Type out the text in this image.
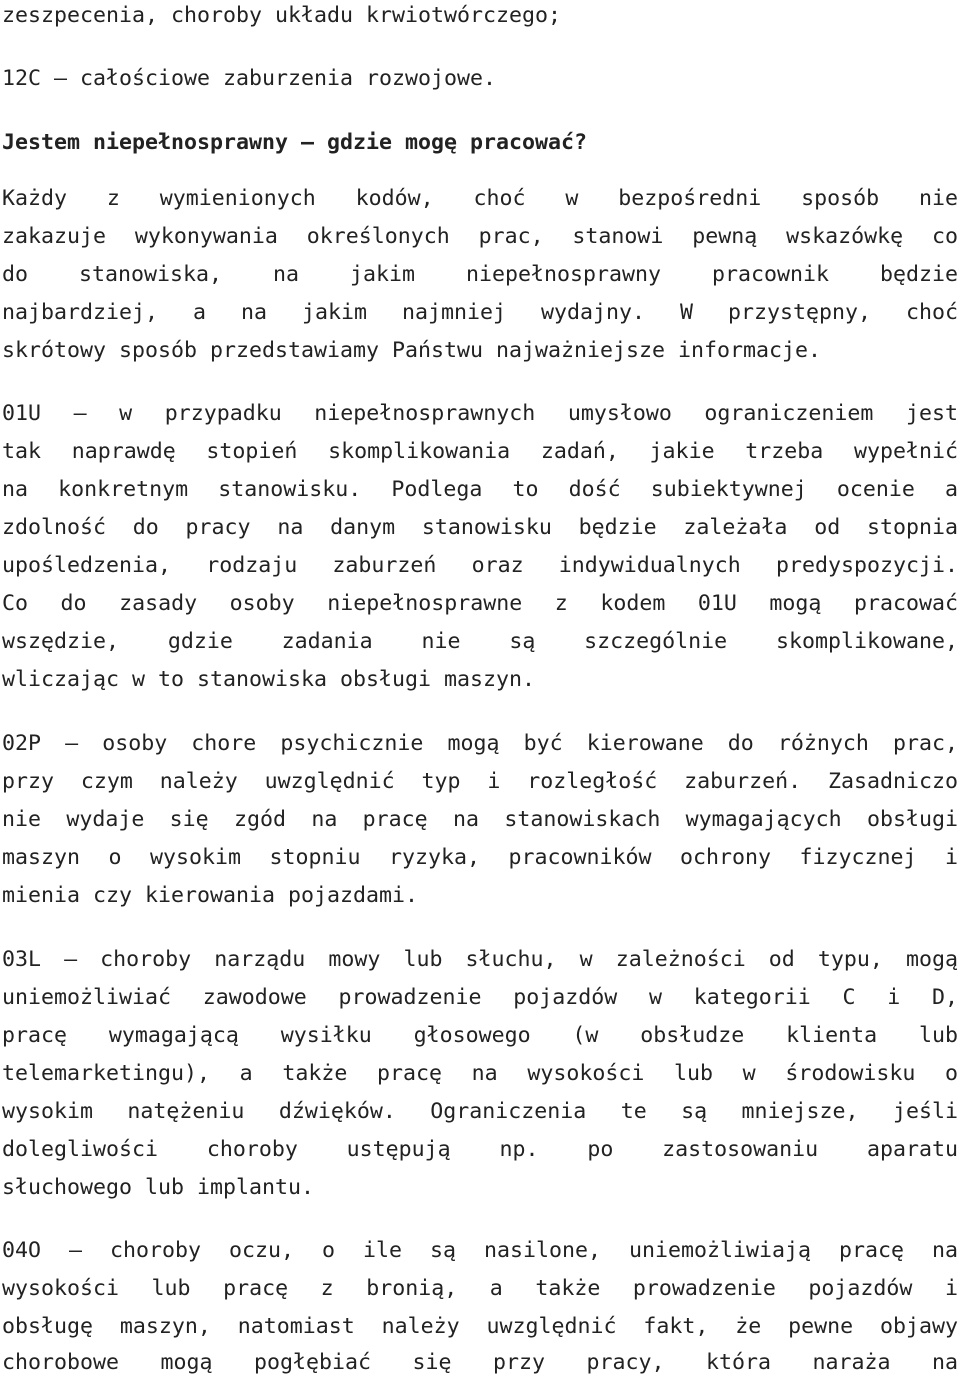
zeszpecenia, choroby układu krwiotwórczego;
12C – całościowe zaburzenia rozwojowe.
Jestem niepełnosprawny – gdzie mogę pracować?
Każdy z wymienionych kodów, choć w bezpośredni sposób nie
zakazuje wykonywania określonych prac, stanowi pewną wskazówkę co
do stanowiska, na jakim niepełnosprawny pracownik będzie
najbardziej, a na jakim najmniej wydajny. W przystępny, choć
skrótowy sposób przedstawiamy Państwu najważniejsze informacje.
01U – w przypadku niepełnosprawnych umysłowo ograniczeniem jest
tak naprawdę stopień skomplikowania zadań, jakie trzeba wypełnić
na konkretnym stanowisku. Podlega to dość subiektywnej ocenie a
zdolność do pracy na danym stanowisku będzie zależała od stopnia
upośledzenia, rodzaju zaburzeń oraz indywidualnych predyspozycji.
Co do zasady osoby niepełnosprawne z kodem 01U mogą pracować
wszędzie, gdzie zadania nie są szczególnie skomplikowane,
wliczając w to stanowiska obsługi maszyn.
02P – osoby chore psychicznie mogą być kierowane do różnych prac,
przy czym należy uwzględnić typ i rozległość zaburzeń. Zasadniczo
nie wydaje się zgód na pracę na stanowiskach wymagających obsługi
maszyn o wysokim stopniu ryzyka, pracowników ochrony fizycznej i
mienia czy kierowania pojazdami.
03L – choroby narządu mowy lub słuchu, w zależności od typu, mogą
uniemożliwiać zawodowe prowadzenie pojazdów w kategorii C i D,
pracę wymagającą wysiłku głosowego (w obsłudze klienta lub
telemarketingu), a także pracę na wysokości lub w środowisku o
wysokim natężeniu dźwięków. Ograniczenia te są mniejsze, jeśli
dolegliwości choroby ustępują np. po zastosowaniu aparatu
słuchowego lub implantu.
04O – choroby oczu, o ile są nasilone, uniemożliwiają pracę na
wysokości lub pracę z bronią, a także prowadzenie pojazdów i
obsługę maszyn, natomiast należy uwzględnić fakt, że pewne objawy
chorobowe mogą pogłębiać się przy pracy, która naraża na
